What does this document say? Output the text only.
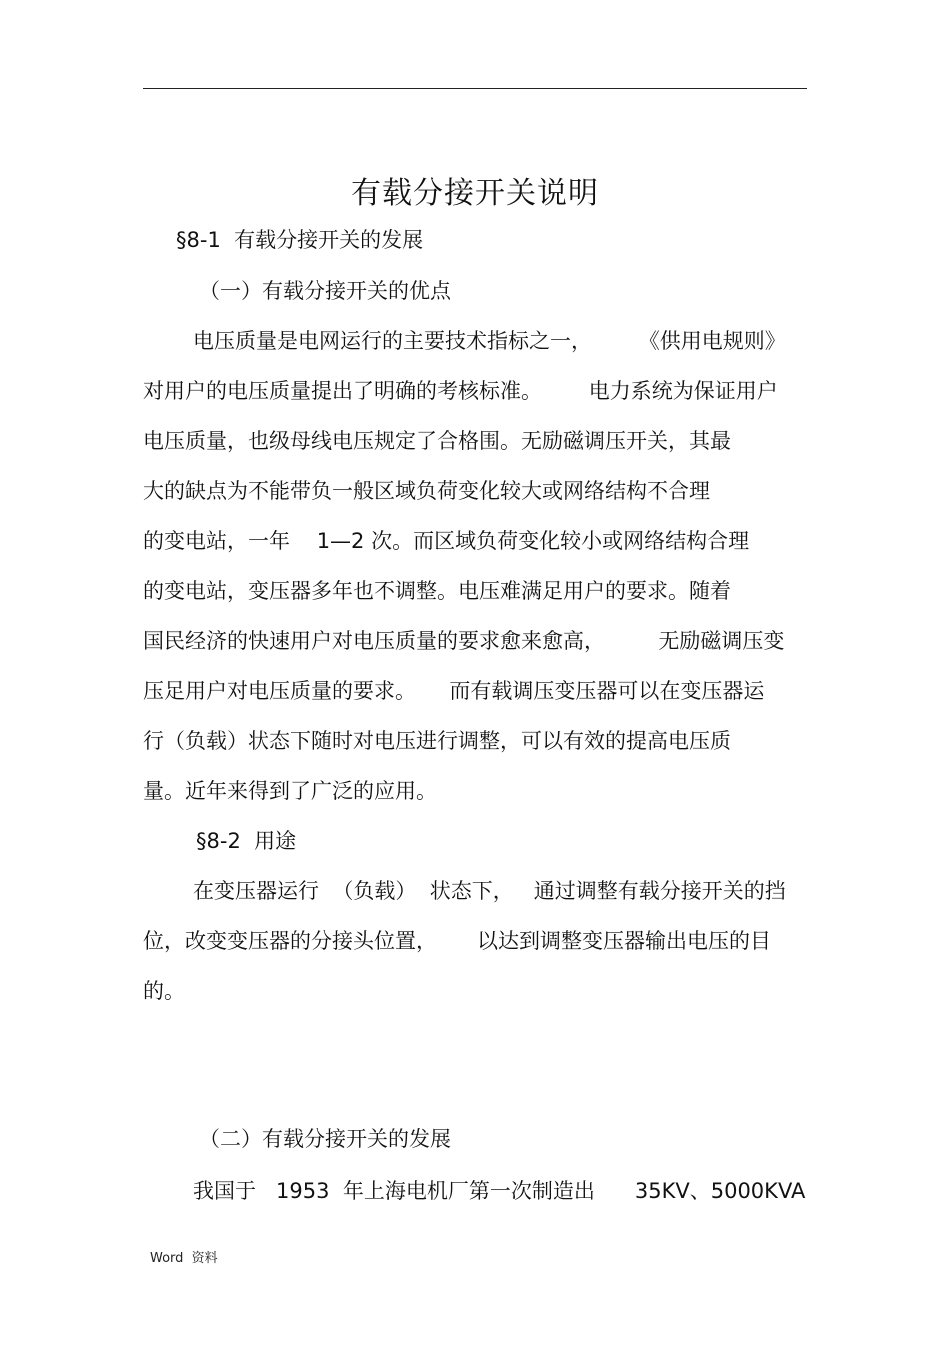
有载分接开关说明
§8-1  有载分接开关的发展
（一）有载分接开关的优点
电压质量是电网运行的主要技术指标之一，       《供用电规则》
对用户的电压质量提出了明确的考核标准。       电力系统为保证用户
电压质量，也级母线电压规定了合格围。无励磁调压开关，其最
大的缺点为不能带负一般区域负荷变化较大或网络结构不合理
的变电站，一年    1—2 次。而区域负荷变化较小或网络结构合理
的变电站，变压器多年也不调整。电压难满足用户的要求。随着
国民经济的快速用户对电压质量的要求愈来愈高，        无励磁调压变
压足用户对电压质量的要求。     而有载调压变压器可以在变压器运
行（负载）状态下随时对电压进行调整，可以有效的提高电压质
量。近年来得到了广泛的应用。
§8-2  用途
在变压器运行  （负载）  状态下，   通过调整有载分接开关的挡
位，改变变压器的分接头位置，      以达到调整变压器输出电压的目
的。
（二）有载分接开关的发展
我国于   1953  年上海电机厂第一次制造出      35KV、5000KVA
Word  资料
